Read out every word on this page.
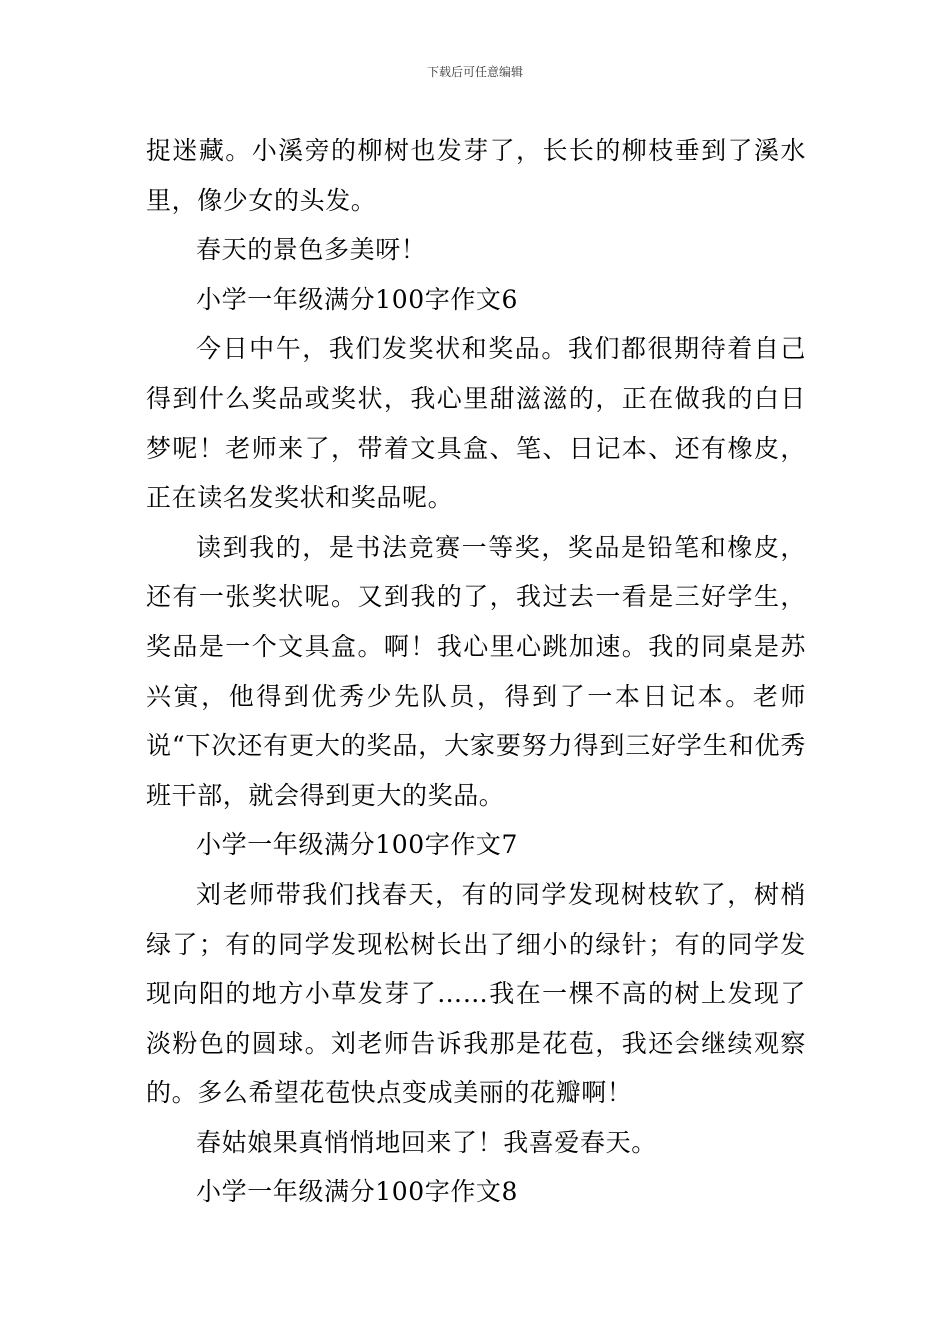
下载后可任意编辑

捉迷藏。小溪旁的柳树也发芽了，长长的柳枝垂到了溪水里，像少女的头发。

春天的景色多美呀！

小学一年级满分100字作文6

今日中午，我们发奖状和奖品。我们都很期待着自己得到什么奖品或奖状，我心里甜滋滋的，正在做我的白日梦呢！老师来了，带着文具盒、笔、日记本、还有橡皮，正在读名发奖状和奖品呢。

读到我的，是书法竞赛一等奖，奖品是铅笔和橡皮，还有一张奖状呢。又到我的了，我过去一看是三好学生，奖品是一个文具盒。啊！我心里心跳加速。我的同桌是苏兴寅，他得到优秀少先队员，得到了一本日记本。老师说“下次还有更大的奖品，大家要努力得到三好学生和优秀班干部，就会得到更大的奖品。

小学一年级满分100字作文7

刘老师带我们找春天，有的同学发现树枝软了，树梢绿了；有的同学发现松树长出了细小的绿针；有的同学发现向阳的地方小草发芽了……我在一棵不高的树上发现了淡粉色的圆球。刘老师告诉我那是花苞，我还会继续观察的。多么希望花苞快点变成美丽的花瓣啊！

春姑娘果真悄悄地回来了！我喜爱春天。

小学一年级满分100字作文8
